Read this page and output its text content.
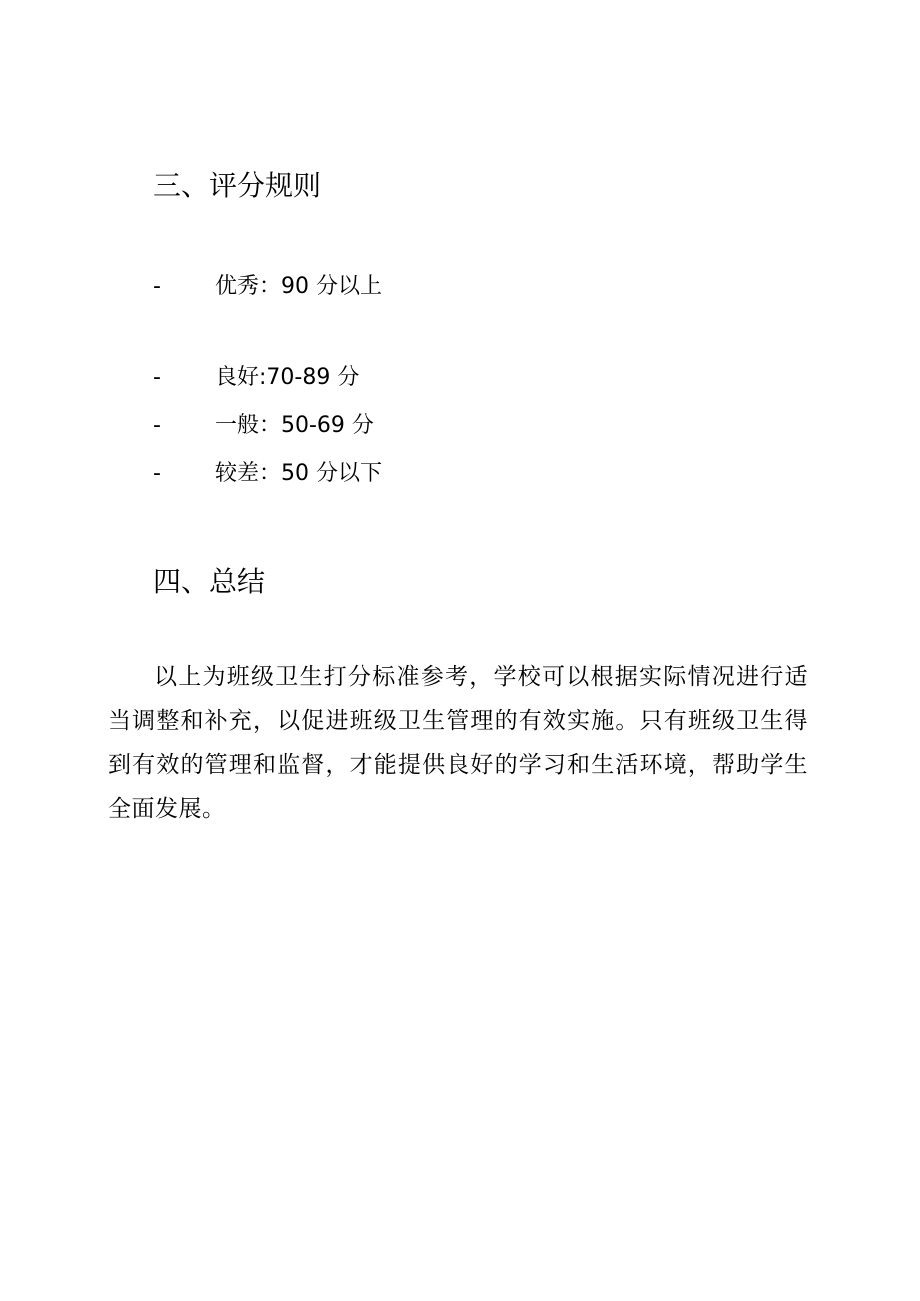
三、评分规则
- 优秀：90 分以上
- 良好:70-89 分
- 一般：50-69 分
- 较差：50 分以下
四、总结

以上为班级卫生打分标准参考，学校可以根据实际情况进行适当调整和补充，以促进班级卫生管理的有效实施。只有班级卫生得到有效的管理和监督，才能提供良好的学习和生活环境，帮助学生全面发展。
